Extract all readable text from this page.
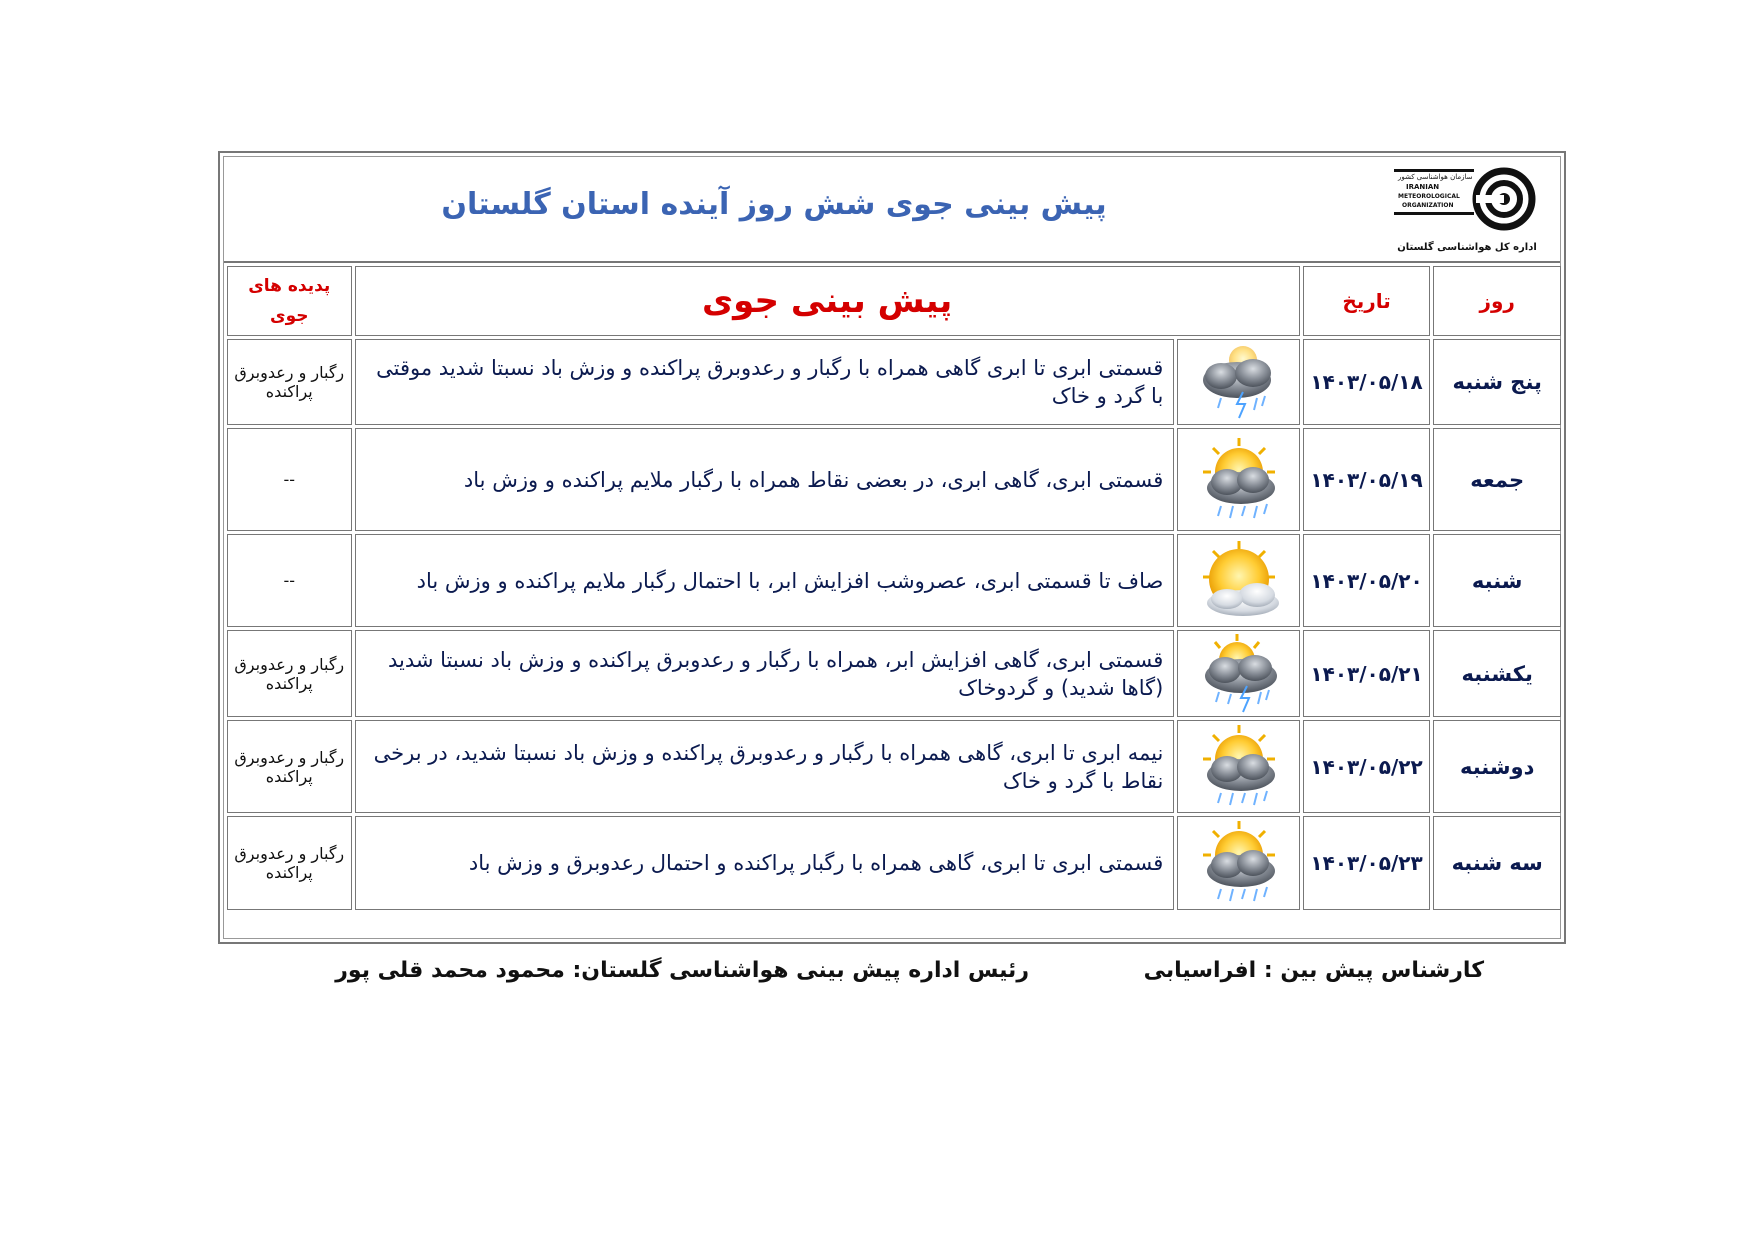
پیش بینی جوی شش روز آینده استان گلستان
سازمان هواشناسی کشور
IRANIAN
METEOROLOGICAL
ORGANIZATION
اداره کل هواشناسی گلستان
روز	تاریخ	پیش بینی جوی		پدیده های جوی
پنج شنبه	۱۴۰۳/۰۵/۱۸		قسمتی ابری تا ابری گاهی همراه با رگبار و رعدوبرق پراکنده و وزش باد نسبتا شدید موقتی با گرد و خاک	رگبار و رعدوبرق پراکنده
جمعه	۱۴۰۳/۰۵/۱۹		قسمتی ابری، گاهی ابری، در بعضی نقاط همراه با رگبار ملایم پراکنده و وزش باد	--
شنبه	۱۴۰۳/۰۵/۲۰		صاف تا قسمتی ابری، عصروشب افزایش ابر، با احتمال رگبار ملایم پراکنده و وزش باد	--
یکشنبه	۱۴۰۳/۰۵/۲۱		قسمتی ابری، گاهی افزایش ابر، همراه با رگبار و رعدوبرق پراکنده و وزش باد نسبتا شدید (گاها شدید) و گردوخاک	رگبار و رعدوبرق پراکنده
دوشنبه	۱۴۰۳/۰۵/۲۲		نیمه ابری تا ابری، گاهی همراه با رگبار و رعدوبرق پراکنده و وزش باد نسبتا شدید، در برخی نقاط با گرد و خاک	رگبار و رعدوبرق پراکنده
سه شنبه	۱۴۰۳/۰۵/۲۳		قسمتی ابری تا ابری، گاهی همراه با رگبار پراکنده و احتمال رعدوبرق و وزش باد	رگبار و رعدوبرق پراکنده
کارشناس پیش بین : افراسیابی
رئیس اداره پیش بینی هواشناسی گلستان: محمود محمد قلی پور
